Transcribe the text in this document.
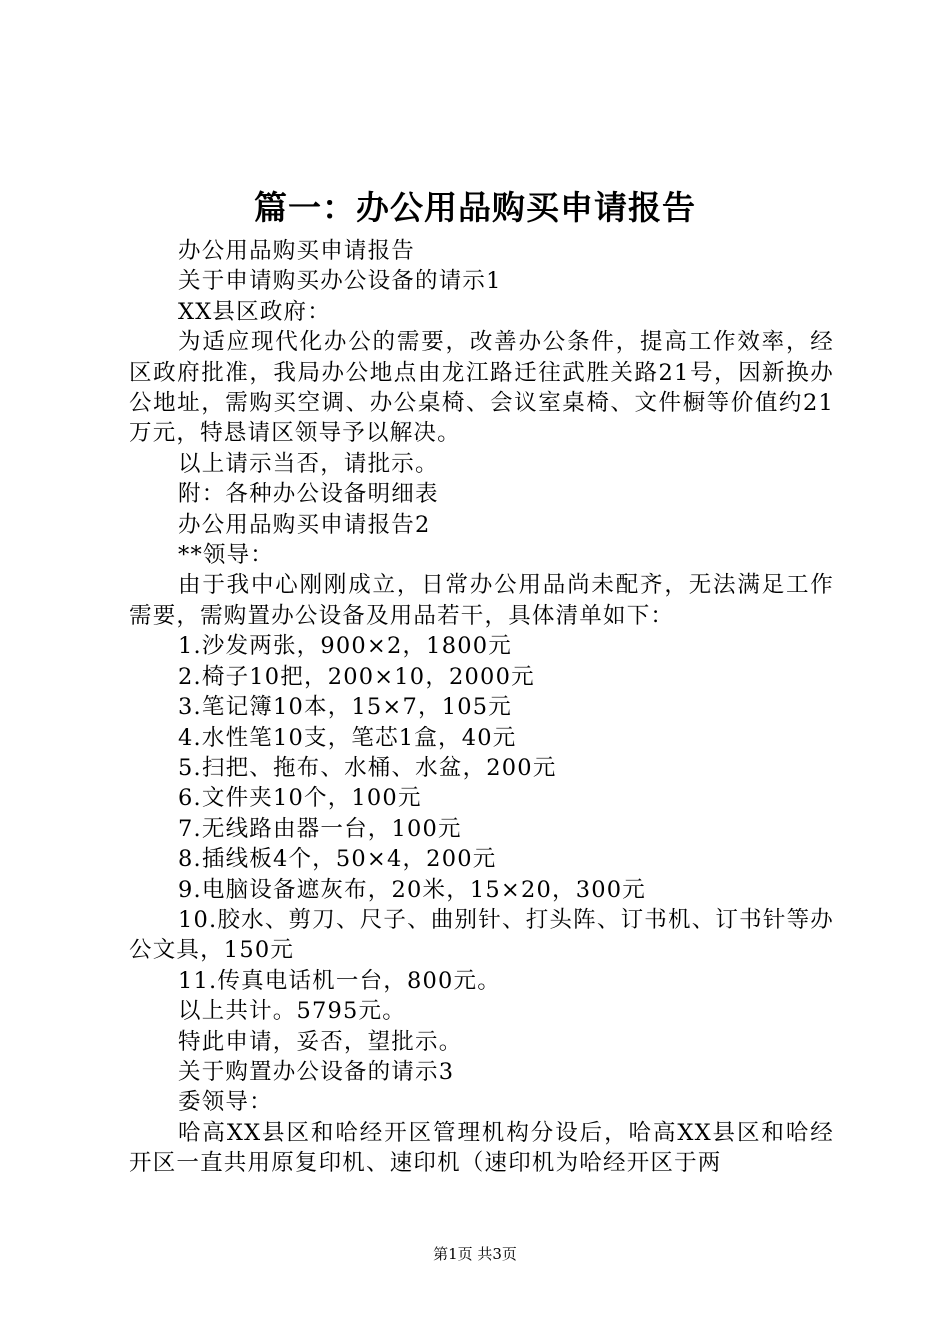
篇一：办公用品购买申请报告

办公用品购买申请报告

关于申请购买办公设备的请示1

XX县区政府：

为适应现代化办公的需要，改善办公条件，提高工作效率，经区政府批准，我局办公地点由龙江路迁往武胜关路21号，因新换办公地址，需购买空调、办公桌椅、会议室桌椅、文件橱等价值约21万元，特恳请区领导予以解决。

以上请示当否，请批示。

附：各种办公设备明细表

办公用品购买申请报告2

**领导：

由于我中心刚刚成立，日常办公用品尚未配齐，无法满足工作需要，需购置办公设备及用品若干，具体清单如下：

1.沙发两张，900×2，1800元

2.椅子10把，200×10，2000元

3.笔记簿10本，15×7，105元

4.水性笔10支，笔芯1盒，40元

5.扫把、拖布、水桶、水盆，200元

6.文件夹10个，100元

7.无线路由器一台，100元

8.插线板4个，50×4，200元

9.电脑设备遮灰布，20米，15×20，300元

10.胶水、剪刀、尺子、曲别针、打头阵、订书机、订书针等办公文具，150元

11.传真电话机一台，800元。

以上共计。5795元。

特此申请，妥否，望批示。

关于购置办公设备的请示3

委领导：

哈高XX县区和哈经开区管理机构分设后，哈高XX县区和哈经开区一直共用原复印机、速印机（速印机为哈经开区于两

第1页 共3页
